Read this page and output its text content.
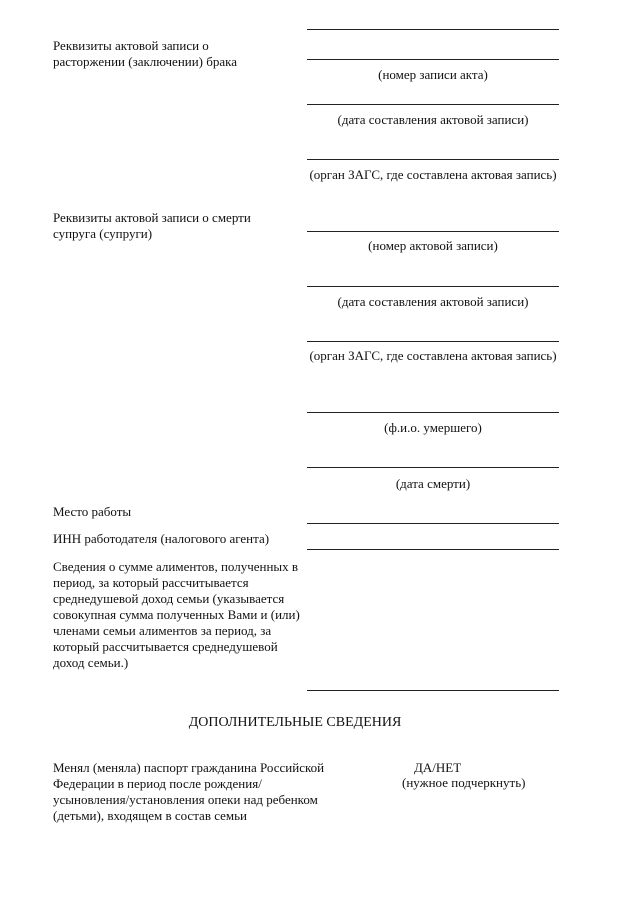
Реквизиты актовой записи о расторжении (заключении) брака
(номер записи акта)
(дата составления актовой записи)
(орган ЗАГС, где составлена актовая запись)
Реквизиты актовой записи о смерти супруга (супруги)
(номер актовой записи)
(дата составления актовой записи)
(орган ЗАГС, где составлена актовая запись)
(ф.и.о. умершего)
(дата смерти)
Место работы
ИНН работодателя (налогового агента)
Сведения о сумме алиментов, полученных в период, за который рассчитывается среднедушевой доход семьи (указывается совокупная сумма полученных Вами и (или) членами семьи алиментов за период, за который рассчитывается среднедушевой доход семьи.)
ДОПОЛНИТЕЛЬНЫЕ СВЕДЕНИЯ
Менял (меняла) паспорт гражданина Российской Федерации в период после рождения/усыновления/установления опеки над ребенком (детьми), входящем в состав семьи
ДА/НЕТ
(нужное подчеркнуть)
